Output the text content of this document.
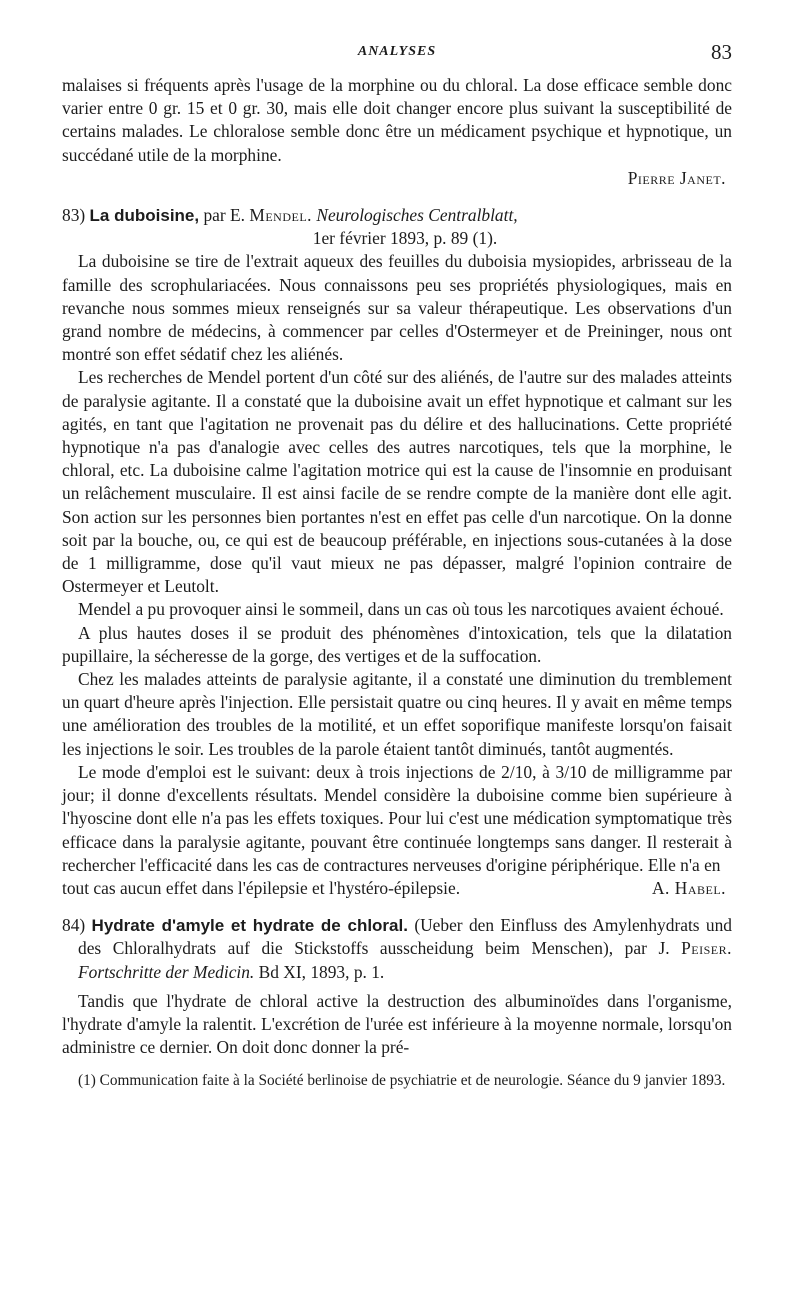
ANALYSES	83

malaises si fréquents après l'usage de la morphine ou du chloral. La dose efficace semble donc varier entre 0 gr. 15 et 0 gr. 30, mais elle doit changer encore plus suivant la susceptibilité de certains malades. Le chloralose semble donc être un médicament psychique et hypnotique, un succédané utile de la morphine.

Pierre Janet.

83) La duboisine, par E. Mendel. Neurologisches Centralblatt,
1er février 1893, p. 89 (1).

La duboisine se tire de l'extrait aqueux des feuilles du duboisia mysiopides, arbrisseau de la famille des scrophulariacées. Nous connaissons peu ses propriétés physiologiques, mais en revanche nous sommes mieux renseignés sur sa valeur thérapeutique. Les observations d'un grand nombre de médecins, à commencer par celles d'Ostermeyer et de Preininger, nous ont montré son effet sédatif chez les aliénés.

Les recherches de Mendel portent d'un côté sur des aliénés, de l'autre sur des malades atteints de paralysie agitante. Il a constaté que la duboisine avait un effet hypnotique et calmant sur les agités, en tant que l'agitation ne provenait pas du délire et des hallucinations. Cette propriété hypnotique n'a pas d'analogie avec celles des autres narcotiques, tels que la morphine, le chloral, etc. La duboisine calme l'agitation motrice qui est la cause de l'insomnie en produisant un relâchement musculaire. Il est ainsi facile de se rendre compte de la manière dont elle agit. Son action sur les personnes bien portantes n'est en effet pas celle d'un narcotique. On la donne soit par la bouche, ou, ce qui est de beaucoup préférable, en injections sous-cutanées à la dose de 1 milligramme, dose qu'il vaut mieux ne pas dépasser, malgré l'opinion contraire de Ostermeyer et Leutolt.

Mendel a pu provoquer ainsi le sommeil, dans un cas où tous les narcotiques avaient échoué.

A plus hautes doses il se produit des phénomènes d'intoxication, tels que la dilatation pupillaire, la sécheresse de la gorge, des vertiges et de la suffocation.

Chez les malades atteints de paralysie agitante, il a constaté une diminution du tremblement un quart d'heure après l'injection. Elle persistait quatre ou cinq heures. Il y avait en même temps une amélioration des troubles de la motilité, et un effet soporifique manifeste lorsqu'on faisait les injections le soir. Les troubles de la parole étaient tantôt diminués, tantôt augmentés.

Le mode d'emploi est le suivant: deux à trois injections de 2/10, à 3/10 de milligramme par jour; il donne d'excellents résultats. Mendel considère la duboisine comme bien supérieure à l'hyoscine dont elle n'a pas les effets toxiques. Pour lui c'est une médication symptomatique très efficace dans la paralysie agitante, pouvant être continuée longtemps sans danger. Il resterait à rechercher l'efficacité dans les cas de contractures nerveuses d'origine périphérique. Elle n'a en

tout cas aucun effet dans l'épilepsie et l'hystéro-épilepsie.	A. Habel.

84) Hydrate d'amyle et hydrate de chloral. (Ueber den Einfluss des Amylenhydrats und des Chloralhydrats auf die Stickstoffs ausscheidung beim Menschen), par J. Peiser. Fortschritte der Medicin. Bd XI, 1893, p. 1.

Tandis que l'hydrate de chloral active la destruction des albuminoïdes dans l'organisme, l'hydrate d'amyle la ralentit. L'excrétion de l'urée est inférieure à la moyenne normale, lorsqu'on administre ce dernier. On doit donc donner la pré-

(1) Communication faite à la Société berlinoise de psychiatrie et de neurologie. Séance du 9 janvier 1893.
